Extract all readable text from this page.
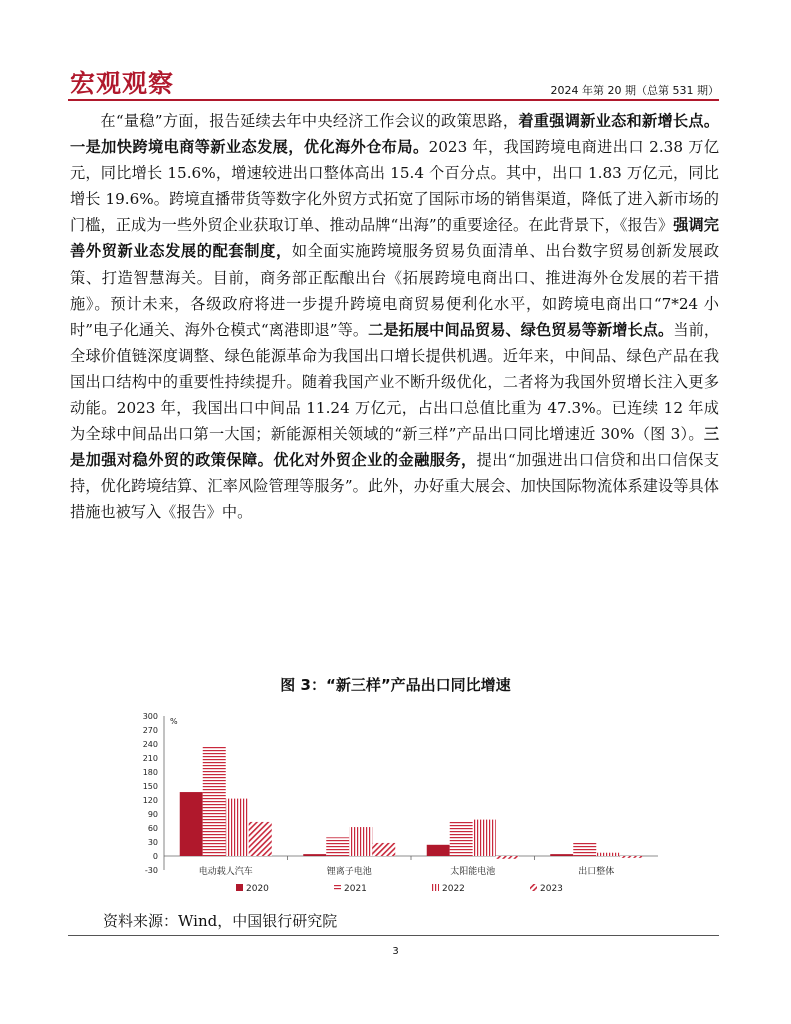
宏观观察	2024 年第 20 期（总第 531 期）

在“量稳”方面，报告延续去年中央经济工作会议的政策思路，着重强调新业态和新增长点。一是加快跨境电商等新业态发展，优化海外仓布局。2023 年，我国跨境电商进出口 2.38 万亿元，同比增长 15.6%，增速较进出口整体高出 15.4 个百分点。其中，出口 1.83 万亿元，同比增长 19.6%。跨境直播带货等数字化外贸方式拓宽了国际市场的销售渠道，降低了进入新市场的门槛，正成为一些外贸企业获取订单、推动品牌“出海”的重要途径。在此背景下，《报告》强调完善外贸新业态发展的配套制度，如全面实施跨境服务贸易负面清单、出台数字贸易创新发展政策、打造智慧海关。目前，商务部正酝酿出台《拓展跨境电商出口、推进海外仓发展的若干措施》。预计未来，各级政府将进一步提升跨境电商贸易便利化水平，如跨境电商出口“7*24 小时”电子化通关、海外仓模式“离港即退”等。二是拓展中间品贸易、绿色贸易等新增长点。当前，全球价值链深度调整、绿色能源革命为我国出口增长提供机遇。近年来，中间品、绿色产品在我国出口结构中的重要性持续提升。随着我国产业不断升级优化，二者将为我国外贸增长注入更多动能。2023 年，我国出口中间品 11.24 万亿元，占出口总值比重为 47.3%。已连续 12 年成为全球中间品出口第一大国；新能源相关领域的“新三样”产品出口同比增速近 30%（图 3）。三是加强对稳外贸的政策保障。优化对外贸企业的金融服务，提出“加强进出口信贷和出口信保支持，优化跨境结算、汇率风险管理等服务”。此外，办好重大展会、加快国际物流体系建设等具体措施也被写入《报告》中。

图 3：“新三样”产品出口同比增速
-30
0
30
60
90
120
150
180
210
240
270
300
%
电动载人汽车	锂离子电池	太阳能电池	出口整体
2020	2021	2022	2023
资料来源：Wind，中国银行研究院
3
